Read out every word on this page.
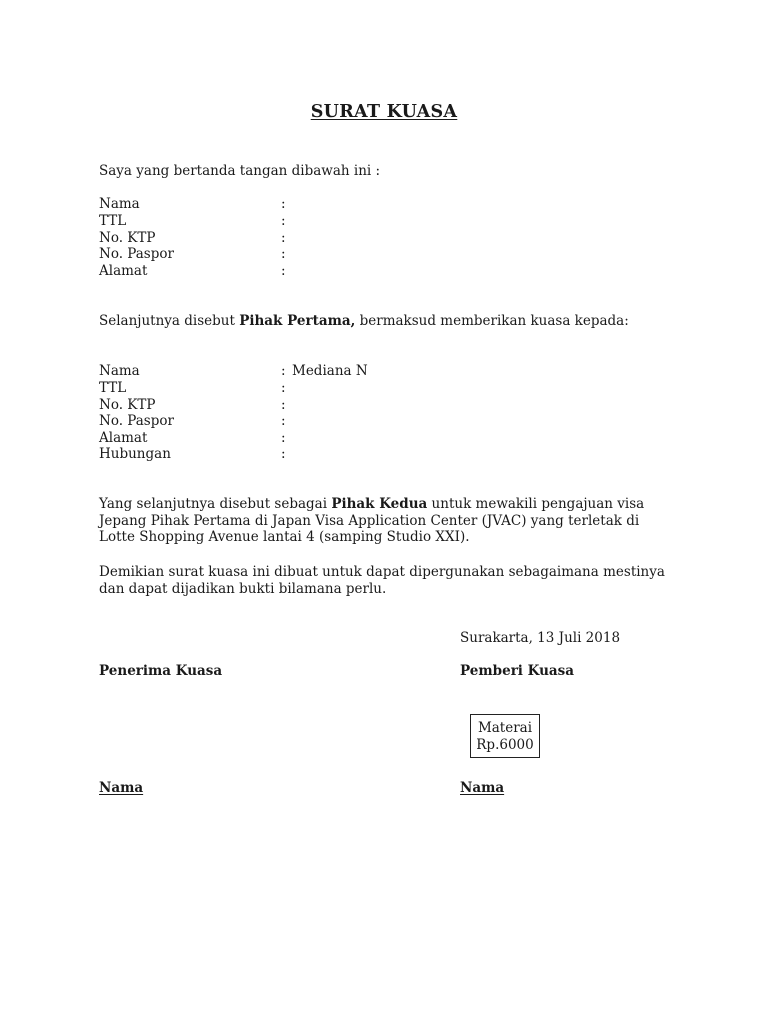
SURAT KUASA
Saya yang bertanda tangan dibawah ini :
Nama	:
TTL	:
No. KTP	:
No. Paspor	:
Alamat	:
Selanjutnya disebut Pihak Pertama, bermaksud memberikan kuasa kepada:
Nama	: Mediana N
TTL	:
No. KTP	:
No. Paspor	:
Alamat	:
Hubungan	:
Yang selanjutnya disebut sebagai Pihak Kedua untuk mewakili pengajuan visa
Jepang Pihak Pertama di Japan Visa Application Center (JVAC) yang terletak di
Lotte Shopping Avenue lantai 4 (samping Studio XXI).
Demikian surat kuasa ini dibuat untuk dapat dipergunakan sebagaimana mestinya
dan dapat dijadikan bukti bilamana perlu.
Surakarta, 13 Juli 2018
Penerima Kuasa	Pemberi Kuasa
Materai
Rp.6000
Nama	Nama
